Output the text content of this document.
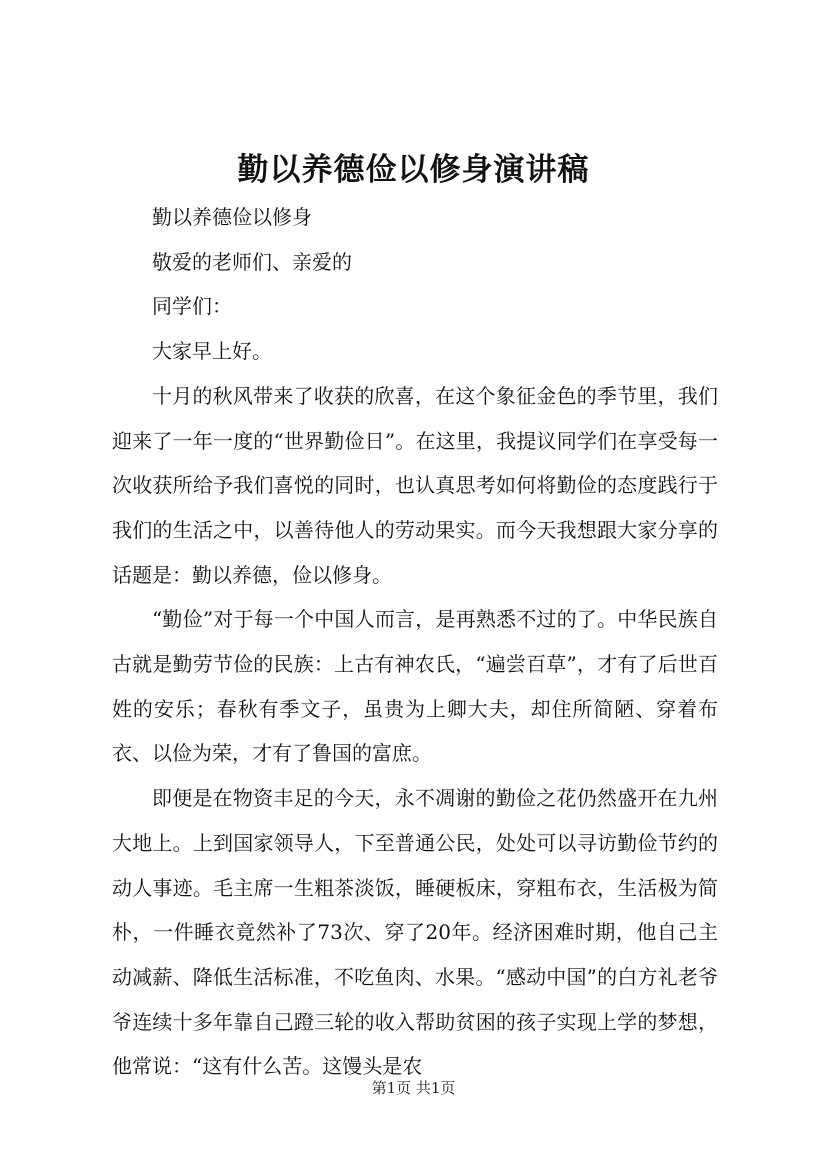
勤以养德俭以修身演讲稿

勤以养德俭以修身

敬爱的老师们、亲爱的

同学们：

大家早上好。

十月的秋风带来了收获的欣喜，在这个象征金色的季节里，我们迎来了一年一度的“世界勤俭日”。在这里，我提议同学们在享受每一次收获所给予我们喜悦的同时，也认真思考如何将勤俭的态度践行于我们的生活之中，以善待他人的劳动果实。而今天我想跟大家分享的话题是：勤以养德，俭以修身。

“勤俭”对于每一个中国人而言，是再熟悉不过的了。中华民族自古就是勤劳节俭的民族：上古有神农氏，“遍尝百草”，才有了后世百姓的安乐；春秋有季文子，虽贵为上卿大夫，却住所简陋、穿着布衣、以俭为荣，才有了鲁国的富庶。

即便是在物资丰足的今天，永不凋谢的勤俭之花仍然盛开在九州大地上。上到国家领导人，下至普通公民，处处可以寻访勤俭节约的动人事迹。毛主席一生粗茶淡饭，睡硬板床，穿粗布衣，生活极为简朴，一件睡衣竟然补了73次、穿了20年。经济困难时期，他自己主动减薪、降低生活标准，不吃鱼肉、水果。“感动中国”的白方礼老爷爷连续十多年靠自己蹬三轮的收入帮助贫困的孩子实现上学的梦想，他常说：“这有什么苦。这馒头是农

第1页 共1页
